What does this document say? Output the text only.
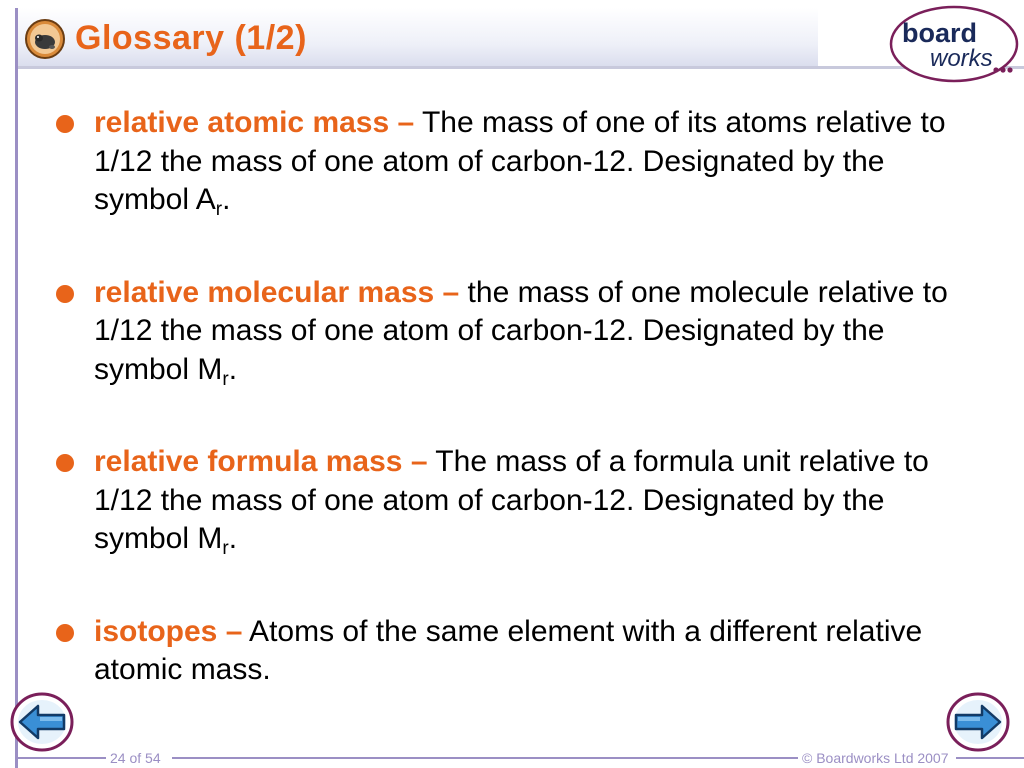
Glossary (1/2)	board
works
relative atomic mass – The mass of one of its atoms relative to 1/12 the mass of one atom of carbon-12. Designated by the symbol $A_r$.
relative molecular mass – the mass of one molecule relative to 1/12 the mass of one atom of carbon-12. Designated by the symbol $M_r$.
relative formula mass – The mass of a formula unit relative to 1/12 the mass of one atom of carbon-12. Designated by the symbol $M_r$.
isotopes – Atoms of the same element with a different relative atomic mass.
24 of 54	© Boardworks Ltd 2007
